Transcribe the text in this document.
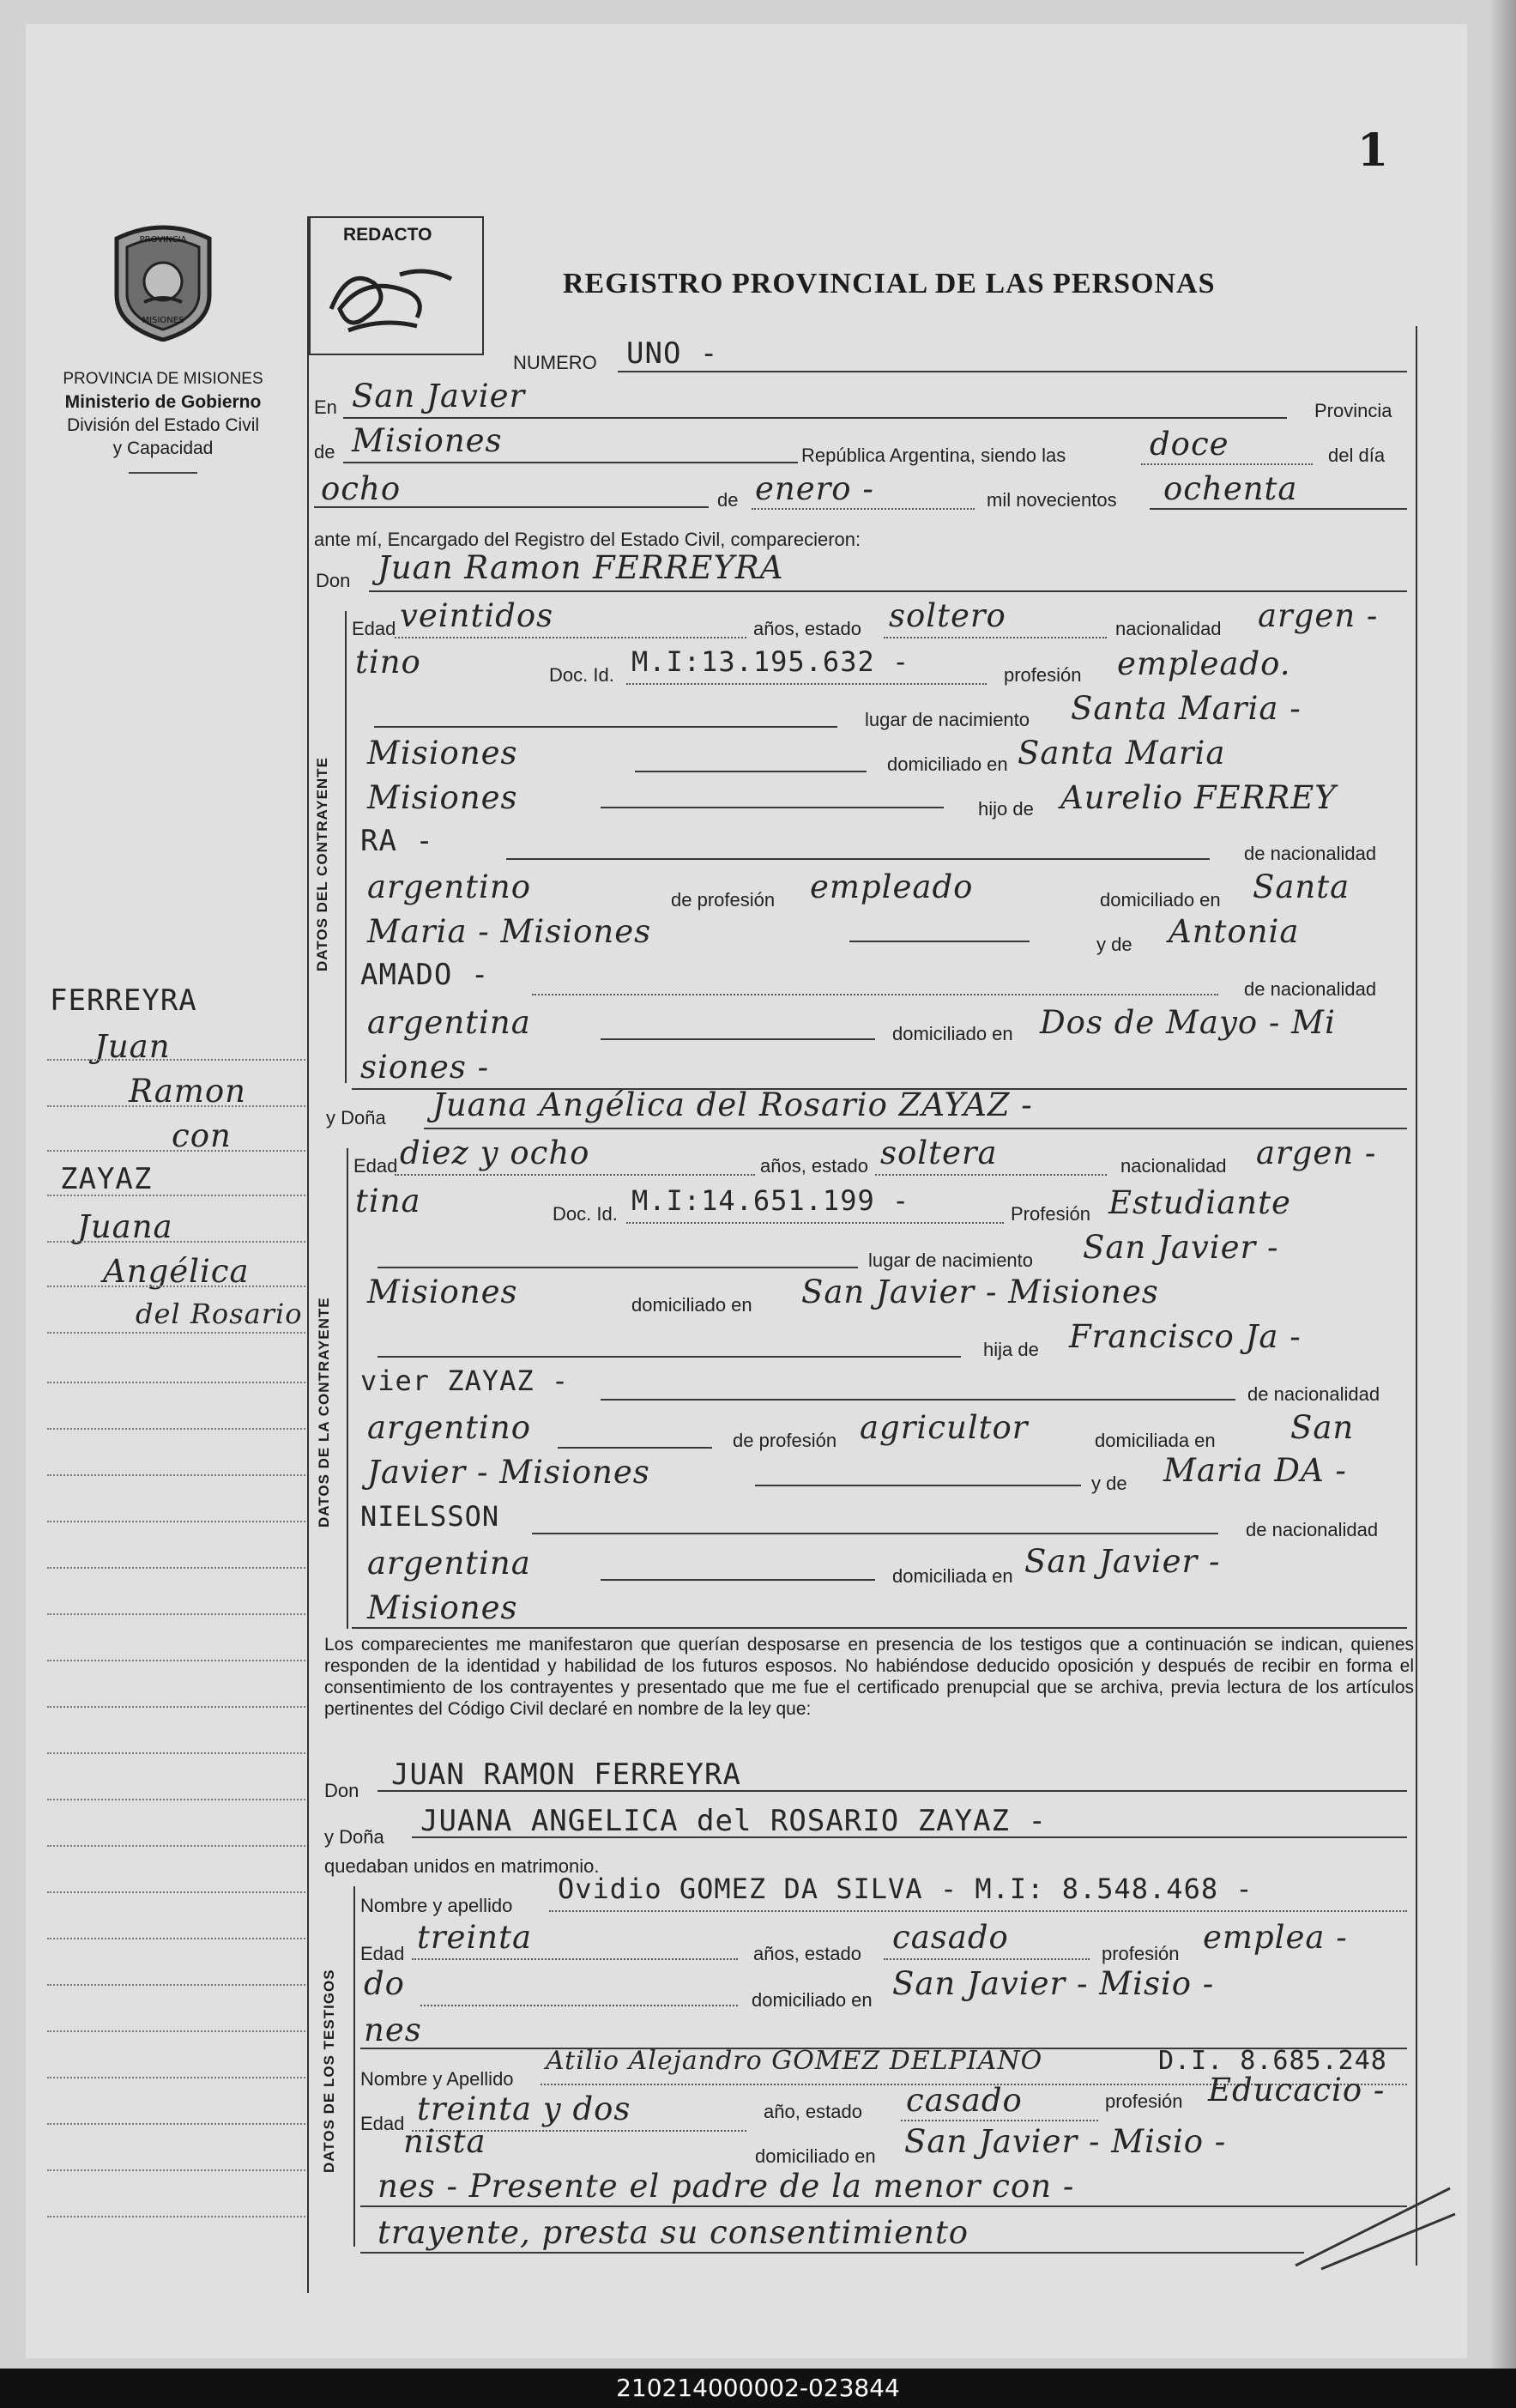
1
PROVINCIA
MISIONES
PROVINCIA DE MISIONES
Ministerio de Gobierno
División del Estado Civil
y Capacidad
REDACTO
REGISTRO PROVINCIAL DE LAS PERSONAS
FERREYRA
Juan
Ramon
con
ZAYAZ
Juana
Angélica
del Rosario
NUMERO UNO -
En San Javier	Provincia
de Misiones	República Argentina, siendo las	doce	del día
ocho	de enero -	mil novecientos ochenta
ante mí, Encargado del Registro del Estado Civil, comparecieron:
Don Juan Ramon FERREYRA
DATOS DEL CONTRAYENTE
Edad veintidos	años, estado soltero	nacionalidad argen -
tino	Doc. Id. M.I:13.195.632 -	profesión empleado.
lugar de nacimiento Santa Maria -
Misiones	domiciliado en Santa Maria
Misiones	hijo de Aurelio FERREY
RA -	de nacionalidad
argentino	de profesión empleado	domiciliado en Santa
Maria - Misiones	y de Antonia
AMADO -	de nacionalidad
argentina	domiciliado en Dos de Mayo - Mi
siones -
y Doña Juana Angélica del Rosario ZAYAZ -
DATOS DE LA CONTRAYENTE
Edad diez y ocho	años, estado soltera	nacionalidad argen -
tina	Doc. Id. M.I:14.651.199 -	Profesión Estudiante
lugar de nacimiento San Javier -
Misiones	domiciliado en San Javier - Misiones
hija de Francisco Ja -
vier ZAYAZ -	de nacionalidad
argentino	de profesión agricultor	domiciliada en San
Javier - Misiones	y de Maria DA -
NIELSSON	de nacionalidad
argentina	domiciliada en San Javier -
Misiones
Los comparecientes me manifestaron que querían desposarse en presencia de los testigos que a continuación se indican, quienes responden de la identidad y habilidad de los futuros esposos. No habiéndose deducido oposición y después de recibir en forma el consentimiento de los contrayentes y presentado que me fue el certificado prenupcial que se archiva, previa lectura de los artículos pertinentes del Código Civil declaré en nombre de la ley que:
Don JUAN RAMON FERREYRA
y Doña JUANA ANGELICA del ROSARIO ZAYAZ -
quedaban unidos en matrimonio.
DATOS DE LOS TESTIGOS
Nombre y apellido
Ovidio GOMEZ DA SILVA - M.I: 8.548.468 -
Edad treinta	años, estado casado	profesión emplea -
do	domiciliado en San Javier - Misio -
nes
Nombre y Apellido
Atilio Alejandro GOMEZ DELPIANO	D.I. 8.685.248
Edad treinta y dos	año, estado casado	profesión Educacio -
nista	domiciliado en San Javier - Misio -
nes - Presente el padre de la menor con -
trayente, presta su consentimiento
210214000002-023844
